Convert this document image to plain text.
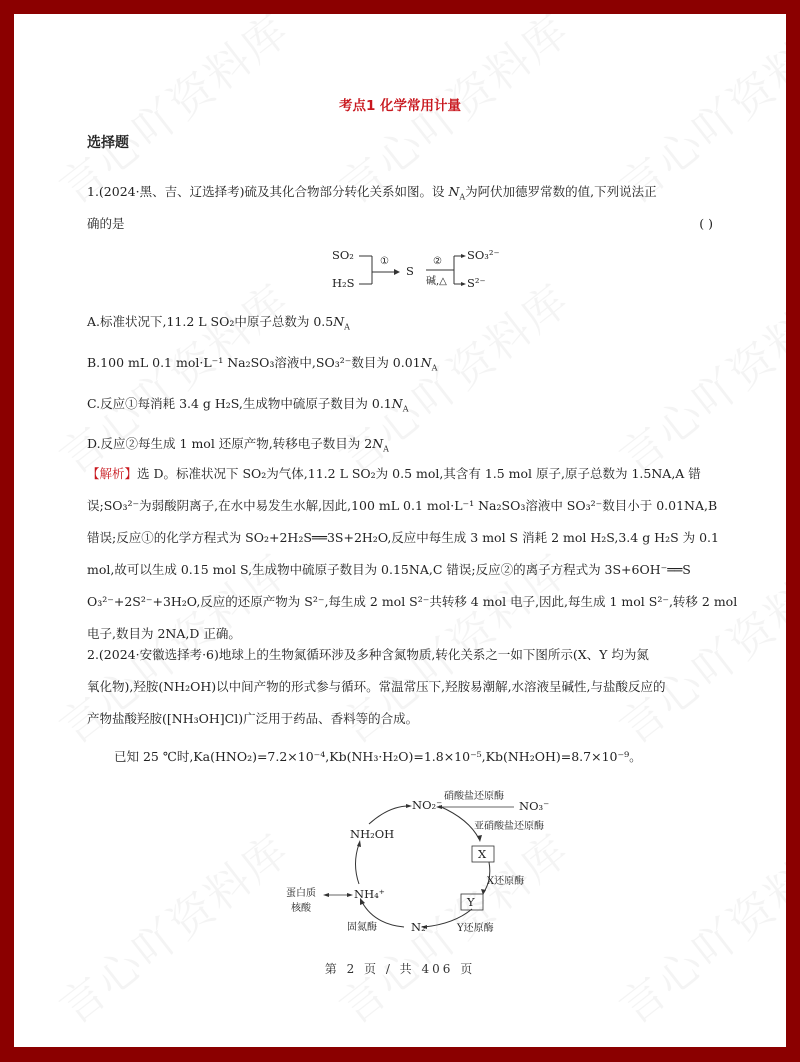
考点1 化学常用计量
选择题
1.(2024·黑、吉、辽选择考)硫及其化合物部分转化关系如图。设 $N_A$为阿伏加德罗常数的值,下列说法正
确的是	( )
SO₂
H₂S
①
S
②
碱,△
SO₃²⁻
S²⁻
A.标准状况下,11.2 L SO₂中原子总数为 $0.5N_A$
B.100 mL 0.1 mol·L⁻¹ Na₂SO₃溶液中,SO₃²⁻数目为 $0.01N_A$
C.反应①每消耗 3.4 g H₂S,生成物中硫原子数目为 $0.1N_A$
D.反应②每生成 1 mol 还原产物,转移电子数目为 $2N_A$
【解析】选 D。标准状况下 SO₂为气体,11.2 L SO₂为 0.5 mol,其含有 1.5 mol 原子,原子总数为 1.5NA,A 错
误;SO₃²⁻为弱酸阴离子,在水中易发生水解,因此,100 mL 0.1 mol·L⁻¹ Na₂SO₃溶液中 SO₃²⁻数目小于 0.01NA,B
错误;反应①的化学方程式为 SO₂+2H₂S══3S+2H₂O,反应中每生成 3 mol S 消耗 2 mol H₂S,3.4 g H₂S 为 0.1
mol,故可以生成 0.15 mol S,生成物中硫原子数目为 0.15NA,C 错误;反应②的离子方程式为 3S+6OH⁻══S
O₃²⁻+2S²⁻+3H₂O,反应的还原产物为 S²⁻,每生成 2 mol S²⁻共转移 4 mol 电子,因此,每生成 1 mol S²⁻,转移 2 mol
电子,数目为 2NA,D 正确。
2.(2024·安徽选择考·6)地球上的生物氮循环涉及多种含氮物质,转化关系之一如下图所示(X、Y 均为氮
氧化物),羟胺(NH₂OH)以中间产物的形式参与循环。常温常压下,羟胺易潮解,水溶液呈碱性,与盐酸反应的
产物盐酸羟胺([NH₃OH]Cl)广泛用于药品、香料等的合成。
已知 25 ℃时,Ka(HNO₂)=7.2×10⁻⁴,Kb(NH₃·H₂O)=1.8×10⁻⁵,Kb(NH₂OH)=8.7×10⁻⁹。
NO₂⁻	NO₃⁻
硝酸盐还原酶
亚硝酸盐还原酶
X
X还原酶
Y
Y还原酶
N₂
固氮酶
NH₄⁺
蛋白质
核酸
NH₂OH
第 2 页 / 共 406 页
